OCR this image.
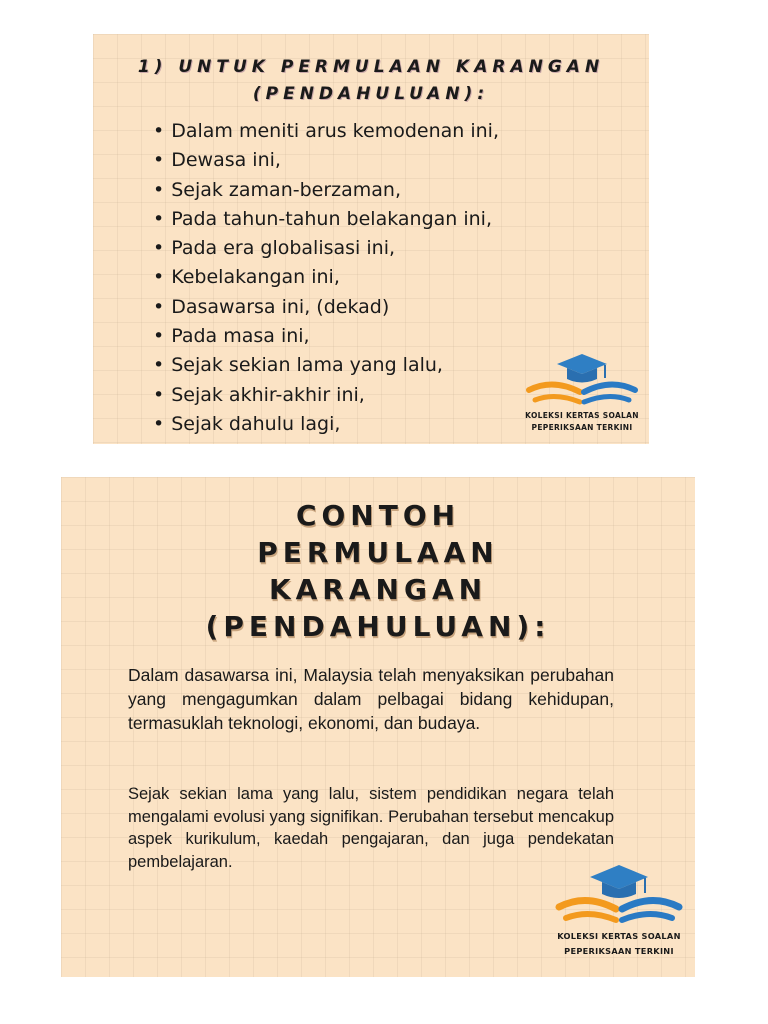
1) UNTUK PERMULAAN KARANGAN (PENDAHULUAN):
• Dalam meniti arus kemodenan ini,
• Dewasa ini,
• Sejak zaman-berzaman,
• Pada tahun-tahun belakangan ini,
• Pada era globalisasi ini,
• Kebelakangan ini,
• Dasawarsa ini, (dekad)
• Pada masa ini,
• Sejak sekian lama yang lalu,
• Sejak akhir-akhir ini,
• Sejak dahulu lagi,	KOLEKSI KERTAS SOALAN
PEPERIKSAAN TERKINI
CONTOH
PERMULAAN
KARANGAN
(PENDAHULUAN):

Dalam dasawarsa ini, Malaysia telah menyaksikan perubahan yang mengagumkan dalam pelbagai bidang kehidupan, termasuklah teknologi, ekonomi, dan budaya.

Sejak sekian lama yang lalu, sistem pendidikan negara telah mengalami evolusi yang signifikan. Perubahan tersebut mencakup aspek kurikulum, kaedah pengajaran, dan juga pendekatan pembelajaran.

KOLEKSI KERTAS SOALAN
PEPERIKSAAN TERKINI
